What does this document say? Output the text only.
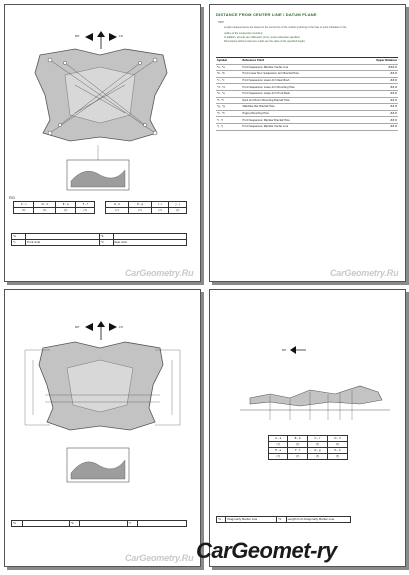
RH	LH
RG
C - c	D - d	E - e	F - f
(?)	(?)	(?)	(?)
G - h	H - g	I - i	J - j
(?)	(?)	(?)	(?)
*a		*b	
*c	Front Axle	*d	Rear Axle
CarGeometry.Ru
DISTANCE FROM CENTER LINE / DATUM PLANE
HINT:
Length measurements are based on the centre line of the vehicle (referring to the hole or point indicated on the
outline of the suspension member).
In addition, all units are millimeters (mm), unless otherwise specified.
Dimensions without reference marks are the value of the specified height.
Symbol	Reference Point	Upper Distance
*a - *a	Front Suspension Member Center Line	###.#
*b - *b	Front Lower No.1 Suspension Arm Bracket Hole	##.#
*c - *c	Front Suspension Lower Arm Rear Bush	##.#
*d - *d	Front Suspension Lower Arm Mounting Hole	##.#
*e - *e	Front Suspension Lower Arm Front Bush	##.#
*f - *f	Rack and Pinion Mounting Bracket Hole	##.#
*g - *g	Stabilizer Bar Bracket Hole	##.#
*h - *h	Engine Mounting Hole	##.#
*i - *i	Front Suspension Member Bracket Hole	##.#
*j - *j	Front Suspension Member Center Line	##.#
CarGeometry.Ru
RH	LH
*a		*b		*c	
CarGeometry.Ru
RH
A - a	B - b	C - c	D - d
(?)	(?)	(?)	(?)
E - e	F - f	G - g	H - h
(?)	(?)	(?)	(?)
*a	Diagonally Marker Line	*b	Length from Diagonally Marker Line
CarGeomet-ry
